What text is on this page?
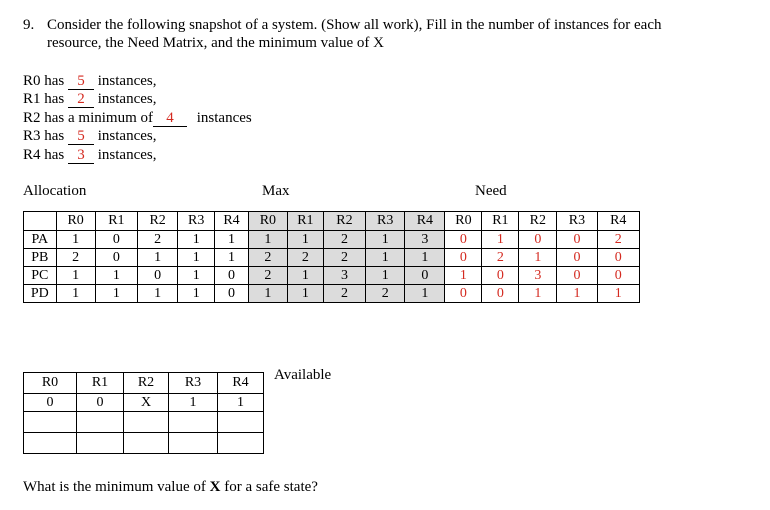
9. Consider the following snapshot of a system. (Show all work), Fill in the number of instances for each
resource, the Need Matrix, and the minimum value of X
R0 has 5 instances,
R1 has 2 instances,
R2 has a minimum of 4 instances
R3 has 5 instances,
R4 has 3 instances,
Allocation	Max	Need
	R0	R1	R2	R3	R4	R0	R1	R2	R3	R4	R0	R1	R2	R3	R4
PA	1	0	2	1	1	1	1	2	1	3	0	1	0	0	2
PB	2	0	1	1	1	2	2	2	1	1	0	2	1	0	0
PC	1	1	0	1	0	2	1	3	1	0	1	0	3	0	0
PD	1	1	1	1	0	1	1	2	2	1	0	0	1	1	1
Available
R0	R1	R2	R3	R4
0	0	X	1	1

What is the minimum value of X for a safe state?
